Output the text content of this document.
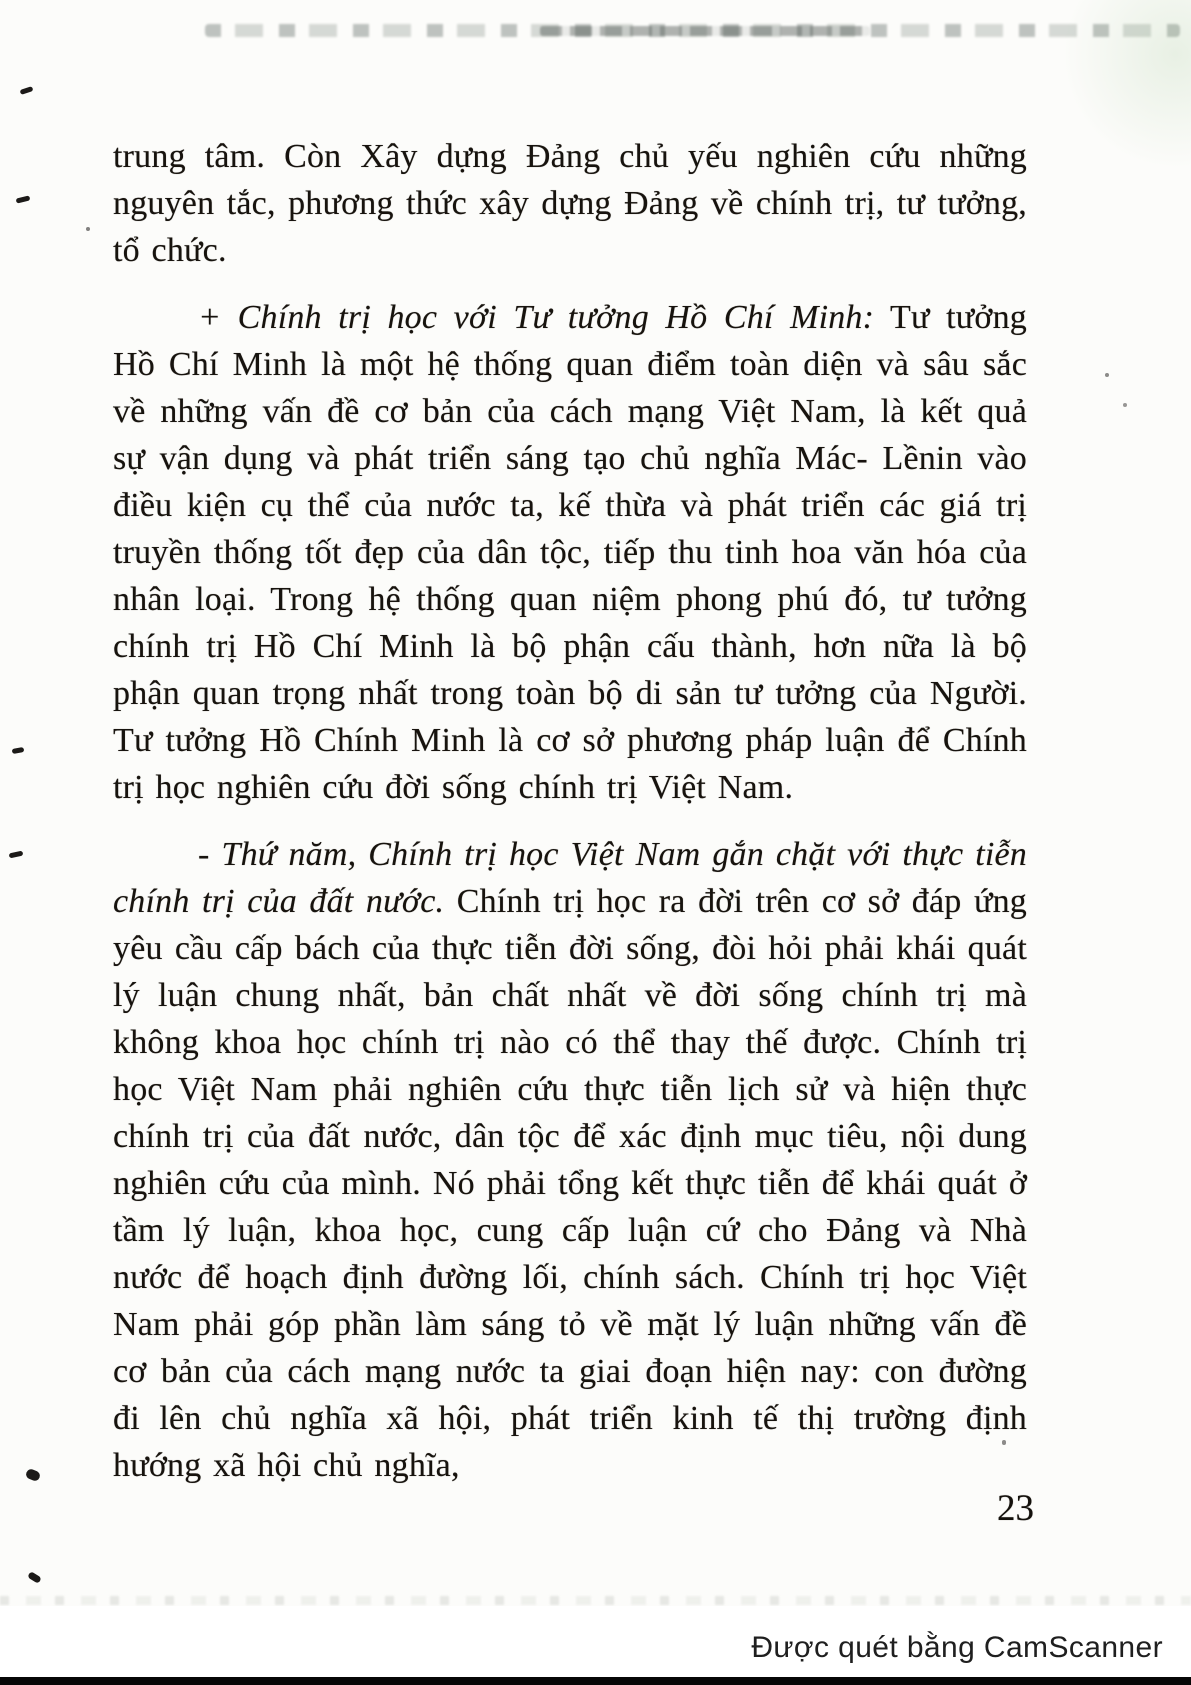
trung tâm. Còn Xây dựng Đảng chủ yếu nghiên cứu những nguyên tắc, phương thức xây dựng Đảng về chính trị, tư tưởng, tổ chức.

+ Chính trị học với Tư tưởng Hồ Chí Minh: Tư tưởng Hồ Chí Minh là một hệ thống quan điểm toàn diện và sâu sắc về những vấn đề cơ bản của cách mạng Việt Nam, là kết quả sự vận dụng và phát triển sáng tạo chủ nghĩa Mác- Lềnin vào điều kiện cụ thể của nước ta, kế thừa và phát triển các giá trị truyền thống tốt đẹp của dân tộc, tiếp thu tinh hoa văn hóa của nhân loại. Trong hệ thống quan niệm phong phú đó, tư tưởng chính trị Hồ Chí Minh là bộ phận cấu thành, hơn nữa là bộ phận quan trọng nhất trong toàn bộ di sản tư tưởng của Người. Tư tưởng Hồ Chính Minh là cơ sở phương pháp luận để Chính trị học nghiên cứu đời sống chính trị Việt Nam.

- Thứ năm, Chính trị học Việt Nam gắn chặt với thực tiễn chính trị của đất nước. Chính trị học ra đời trên cơ sở đáp ứng yêu cầu cấp bách của thực tiễn đời sống, đòi hỏi phải khái quát lý luận chung nhất, bản chất nhất về đời sống chính trị mà không khoa học chính trị nào có thể thay thế được. Chính trị học Việt Nam phải nghiên cứu thực tiễn lịch sử và hiện thực chính trị của đất nước, dân tộc để xác định mục tiêu, nội dung nghiên cứu của mình. Nó phải tổng kết thực tiễn để khái quát ở tầm lý luận, khoa học, cung cấp luận cứ cho Đảng và Nhà nước để hoạch định đường lối, chính sách. Chính trị học Việt Nam phải góp phần làm sáng tỏ về mặt lý luận những vấn đề cơ bản của cách mạng nước ta giai đoạn hiện nay: con đường đi lên chủ nghĩa xã hội, phát triển kinh tế thị trường định hướng xã hội chủ nghĩa,

23
Được quét bằng CamScanner
